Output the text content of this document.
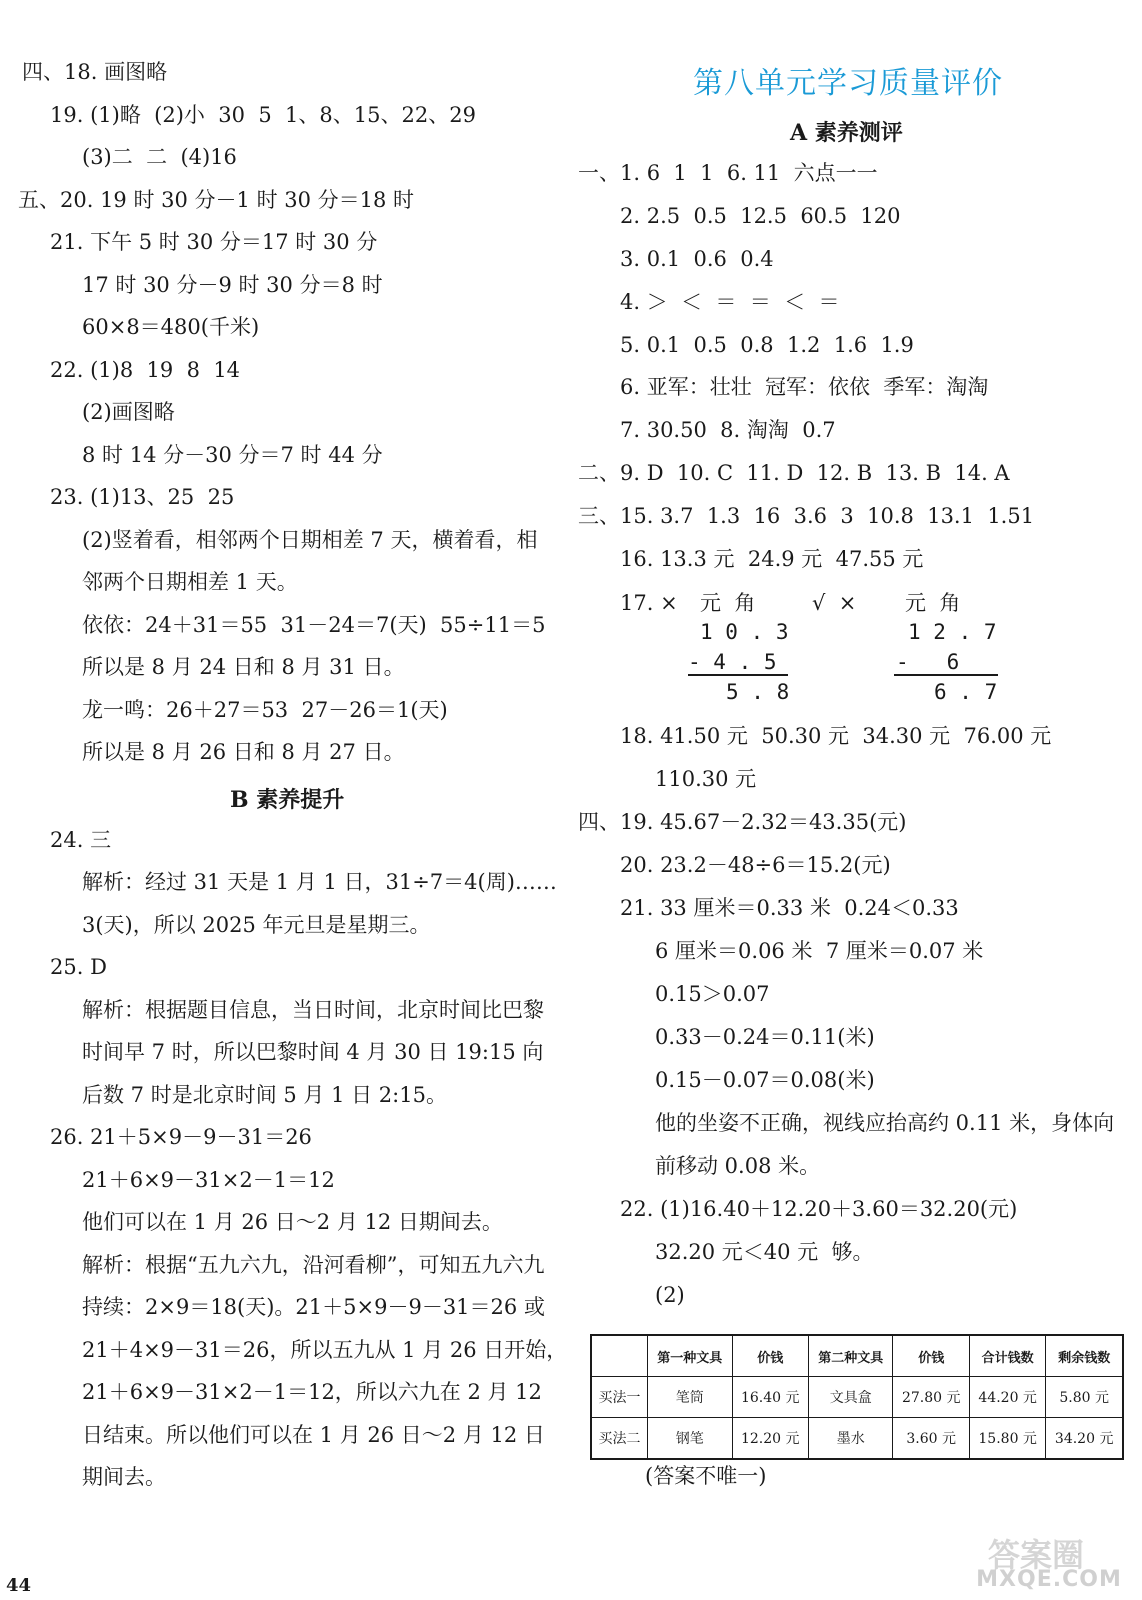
四、18. 画图略
19. (1)略  (2)小  30  5  1、8、15、22、29
(3)二  二  (4)16
五、20. 19 时 30 分－1 时 30 分＝18 时
21. 下午 5 时 30 分＝17 时 30 分
17 时 30 分－9 时 30 分＝8 时
60×8＝480(千米)
22. (1)8  19  8  14
(2)画图略
8 时 14 分－30 分＝7 时 44 分
23. (1)13、25  25
(2)竖着看，相邻两个日期相差 7 天，横着看，相
邻两个日期相差 1 天。
依依：24＋31＝55  31－24＝7(天)  55÷11＝5
所以是 8 月 24 日和 8 月 31 日。
龙一鸣：26＋27＝53  27－26＝1(天)
所以是 8 月 26 日和 8 月 27 日。
B 素养提升
24. 三
解析：经过 31 天是 1 月 1 日，31÷7＝4(周)……
3(天)，所以 2025 年元旦是星期三。
25. D
解析：根据题目信息，当日时间，北京时间比巴黎
时间早 7 时，所以巴黎时间 4 月 30 日 19:15 向
后数 7 时是北京时间 5 月 1 日 2:15。
26. 21＋5×9－9－31＝26
21＋6×9－31×2－1＝12
他们可以在 1 月 26 日～2 月 12 日期间去。
解析：根据“五九六九，沿河看柳”，可知五九六九
持续：2×9＝18(天)。21＋5×9－9－31＝26 或
21＋4×9－31＝26，所以五九从 1 月 26 日开始，
21＋6×9－31×2－1＝12，所以六九在 2 月 12
日结束。所以他们可以在 1 月 26 日～2 月 12 日
期间去。
第八单元学习质量评价
A 素养测评
一、1. 6  1  1  6. 11  六点一一
2. 2.5  0.5  12.5  60.5  120
3. 0.1  0.6  0.4
4. ＞  ＜  ＝  ＝  ＜  ＝
5. 0.1  0.5  0.8  1.2  1.6  1.9
6. 亚军：壮壮  冠军：依依  季军：淘淘
7. 30.50  8. 淘淘  0.7
二、9. D  10. C  11. D  12. B  13. B  14. A
三、15. 3.7  1.3  16  3.6  3  10.8  13.1  1.51
16. 13.3 元  24.9 元  47.55 元
17. ×	√  ×
元  角
1 0 . 3
- 4 . 5
5 . 8
元  角
1 2 . 7
-   6
6 . 7
18. 41.50 元  50.30 元  34.30 元  76.00 元
110.30 元
四、19. 45.67－2.32＝43.35(元)
20. 23.2－48÷6＝15.2(元)
21. 33 厘米＝0.33 米  0.24＜0.33
6 厘米＝0.06 米  7 厘米＝0.07 米
0.15＞0.07
0.33－0.24＝0.11(米)
0.15－0.07＝0.08(米)
他的坐姿不正确，视线应抬高约 0.11 米，身体向
前移动 0.08 米。
22. (1)16.40＋12.20＋3.60＝32.20(元)
32.20 元＜40 元  够。
(2)
	第一种文具	价钱	第二种文具	价钱	合计钱数	剩余钱数
买法一	笔筒	16.40 元	文具盒	27.80 元	44.20 元	5.80 元
买法二	钢笔	12.20 元	墨水	3.60 元	15.80 元	34.20 元
(答案不唯一)
44
答案圈
MXQE.COM
